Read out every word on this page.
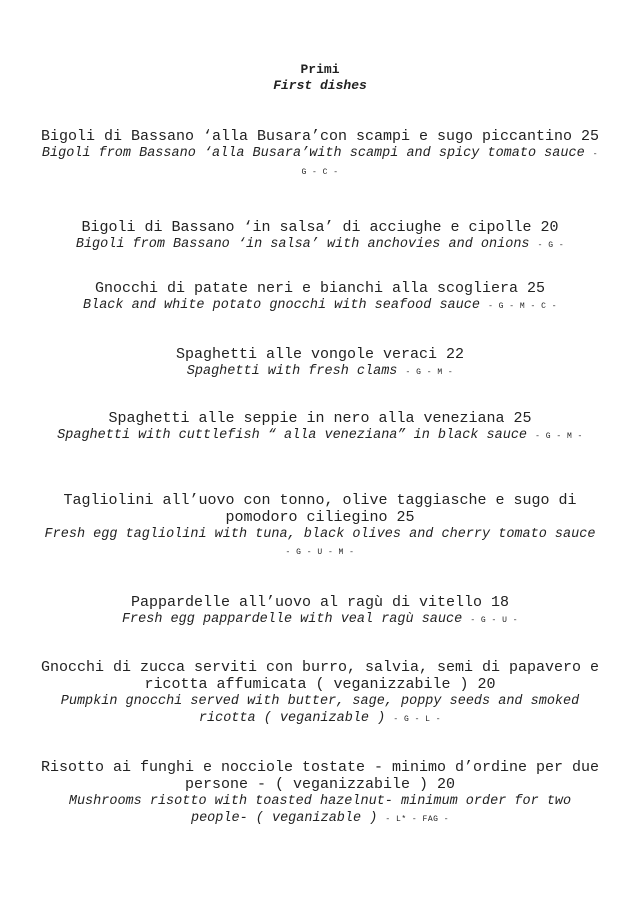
Primi
First dishes
Bigoli di Bassano ‘alla Busara’con scampi e sugo piccantino 25
Bigoli from Bassano ‘alla Busara’with scampi and spicy tomato sauce - G - C -
Bigoli di Bassano ‘in salsa’ di acciughe e cipolle 20
Bigoli from Bassano ‘in salsa’ with anchovies and onions - G -
Gnocchi di patate neri e bianchi alla scogliera 25
Black and white potato gnocchi with seafood sauce - G - M - C -
Spaghetti alle vongole veraci 22
Spaghetti with fresh clams - G - M -
Spaghetti alle seppie in nero alla veneziana 25
Spaghetti with cuttlefish “ alla veneziana” in black sauce - G - M -
Tagliolini all’uovo con tonno, olive taggiasche e sugo di pomodoro ciliegino 25
Fresh egg tagliolini with tuna, black olives and cherry tomato sauce - G - U - M -
Pappardelle all’uovo al ragù di vitello 18
Fresh egg pappardelle with veal ragù sauce - G - U -
Gnocchi di zucca serviti con burro, salvia, semi di papavero e ricotta affumicata ( veganizzabile ) 20
Pumpkin gnocchi served with butter, sage, poppy seeds and smoked ricotta ( veganizable ) - G - L -
Risotto ai funghi e nocciole tostate - minimo d’ordine per due persone - ( veganizzabile ) 20
Mushrooms risotto with toasted hazelnut- minimum order for two people- ( veganizable ) - L* - FAG -
